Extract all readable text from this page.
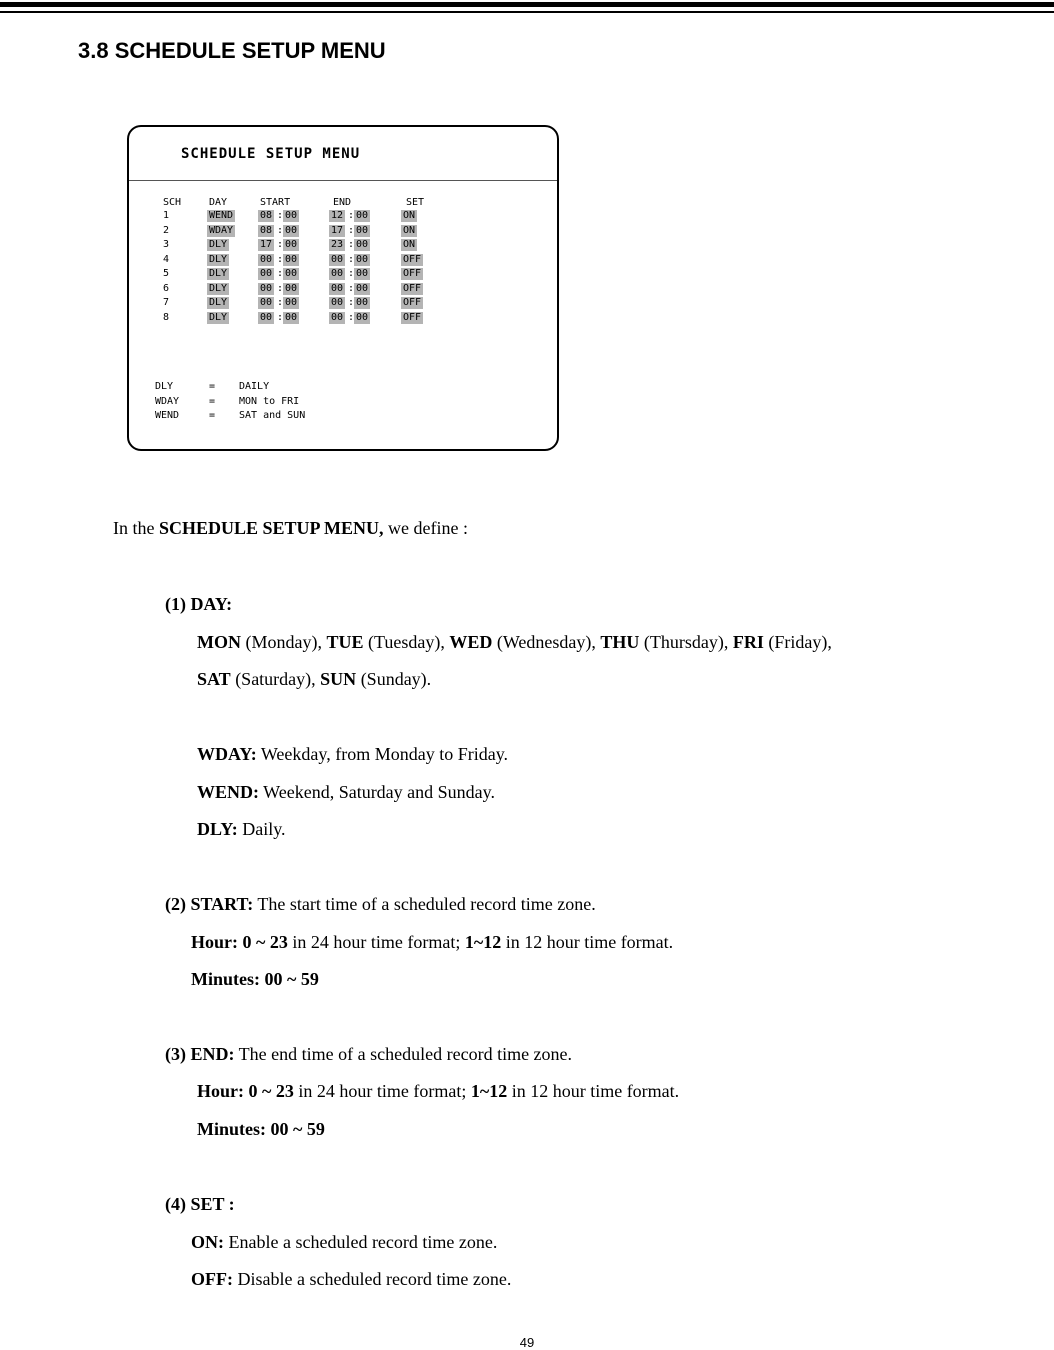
3.8 SCHEDULE SETUP MENU
SCHEDULE SETUP MENU
SCH	DAY	START	END	SET
1	WEND	08 : 00	12 : 00	ON
2	WDAY	08 : 00	17 : 00	ON
3	DLY	17 : 00	23 : 00	ON
4	DLY	00 : 00	00 : 00	OFF
5	DLY	00 : 00	00 : 00	OFF
6	DLY	00 : 00	00 : 00	OFF
7	DLY	00 : 00	00 : 00	OFF
8	DLY	00 : 00	00 : 00	OFF
DLY	= DAILY
WDAY	= MON to FRI
WEND	= SAT and SUN
In the SCHEDULE SETUP MENU, we define :
(1) DAY:
MON (Monday), TUE (Tuesday), WED (Wednesday), THU (Thursday), FRI (Friday),
SAT (Saturday), SUN (Sunday).
WDAY: Weekday, from Monday to Friday.
WEND: Weekend, Saturday and Sunday.
DLY: Daily.
(2) START: The start time of a scheduled record time zone.
Hour: 0 ~ 23 in 24 hour time format; 1~12 in 12 hour time format.
Minutes: 00 ~ 59
(3) END: The end time of a scheduled record time zone.
Hour: 0 ~ 23 in 24 hour time format; 1~12 in 12 hour time format.
Minutes: 00 ~ 59
(4) SET :
ON: Enable a scheduled record time zone.
OFF: Disable a scheduled record time zone.
49
